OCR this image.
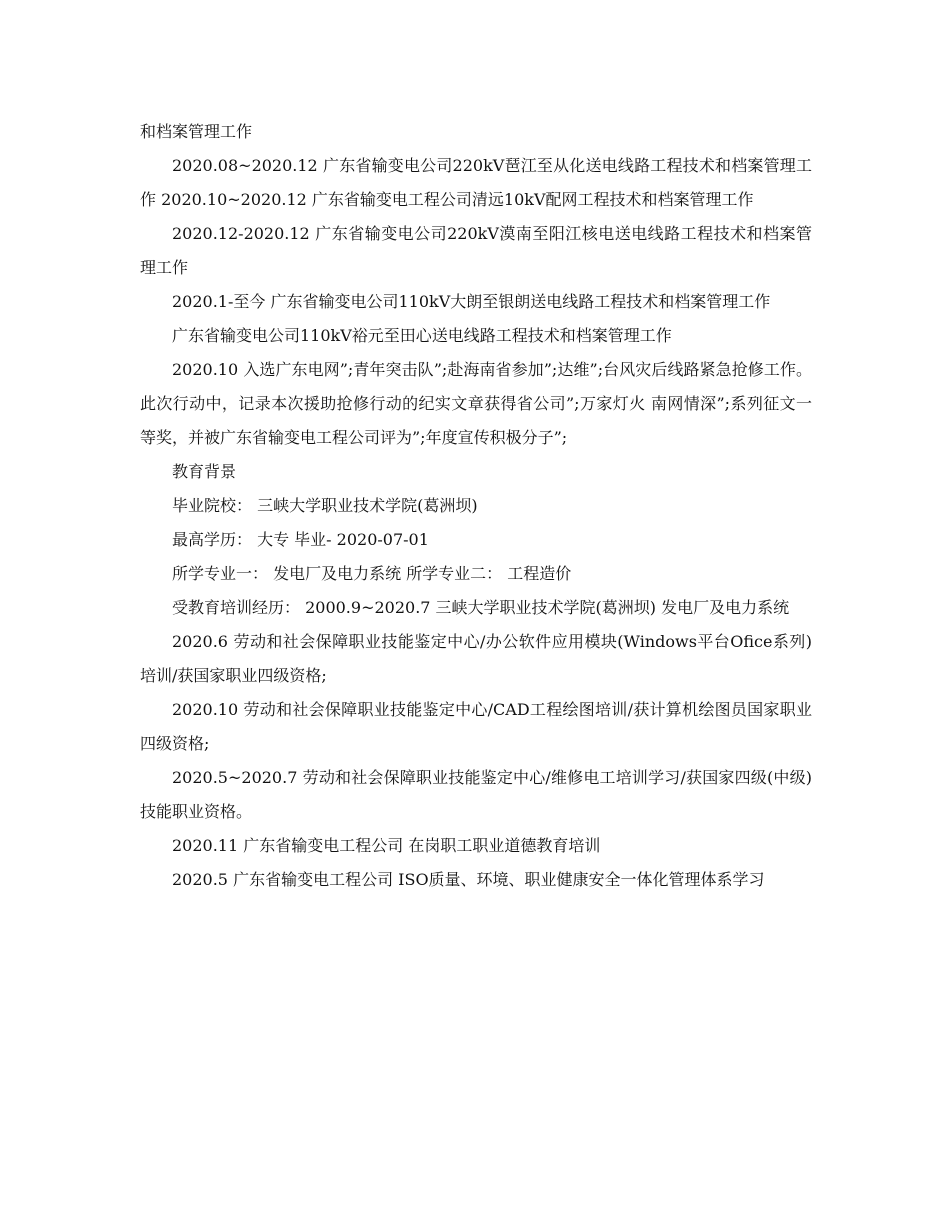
和档案管理工作

2020.08~2020.12 广东省输变电公司220kV琶江至从化送电线路工程技术和档案管理工作 2020.10~2020.12 广东省输变电工程公司清远10kV配网工程技术和档案管理工作

2020.12-2020.12 广东省输变电公司220kV漠南至阳江核电送电线路工程技术和档案管理工作

2020.1-至今 广东省输变电公司110kV大朗至银朗送电线路工程技术和档案管理工作

广东省输变电公司110kV裕元至田心送电线路工程技术和档案管理工作

2020.10 入选广东电网”;青年突击队”;赴海南省参加”;达维”;台风灾后线路紧急抢修工作。此次行动中，记录本次援助抢修行动的纪实文章获得省公司”;万家灯火 南网情深”;系列征文一等奖，并被广东省输变电工程公司评为”;年度宣传积极分子”;

教育背景

毕业院校： 三峡大学职业技术学院(葛洲坝)

最高学历： 大专 毕业- 2020-07-01

所学专业一： 发电厂及电力系统 所学专业二： 工程造价

受教育培训经历： 2000.9~2020.7 三峡大学职业技术学院(葛洲坝) 发电厂及电力系统

2020.6 劳动和社会保障职业技能鉴定中心/办公软件应用模块(Windows平台Ofice系列)培训/获国家职业四级资格;

2020.10 劳动和社会保障职业技能鉴定中心/CAD工程绘图培训/获计算机绘图员国家职业四级资格;

2020.5~2020.7 劳动和社会保障职业技能鉴定中心/维修电工培训学习/获国家四级(中级)技能职业资格。

2020.11 广东省输变电工程公司 在岗职工职业道德教育培训

2020.5 广东省输变电工程公司 ISO质量、环境、职业健康安全一体化管理体系学习
